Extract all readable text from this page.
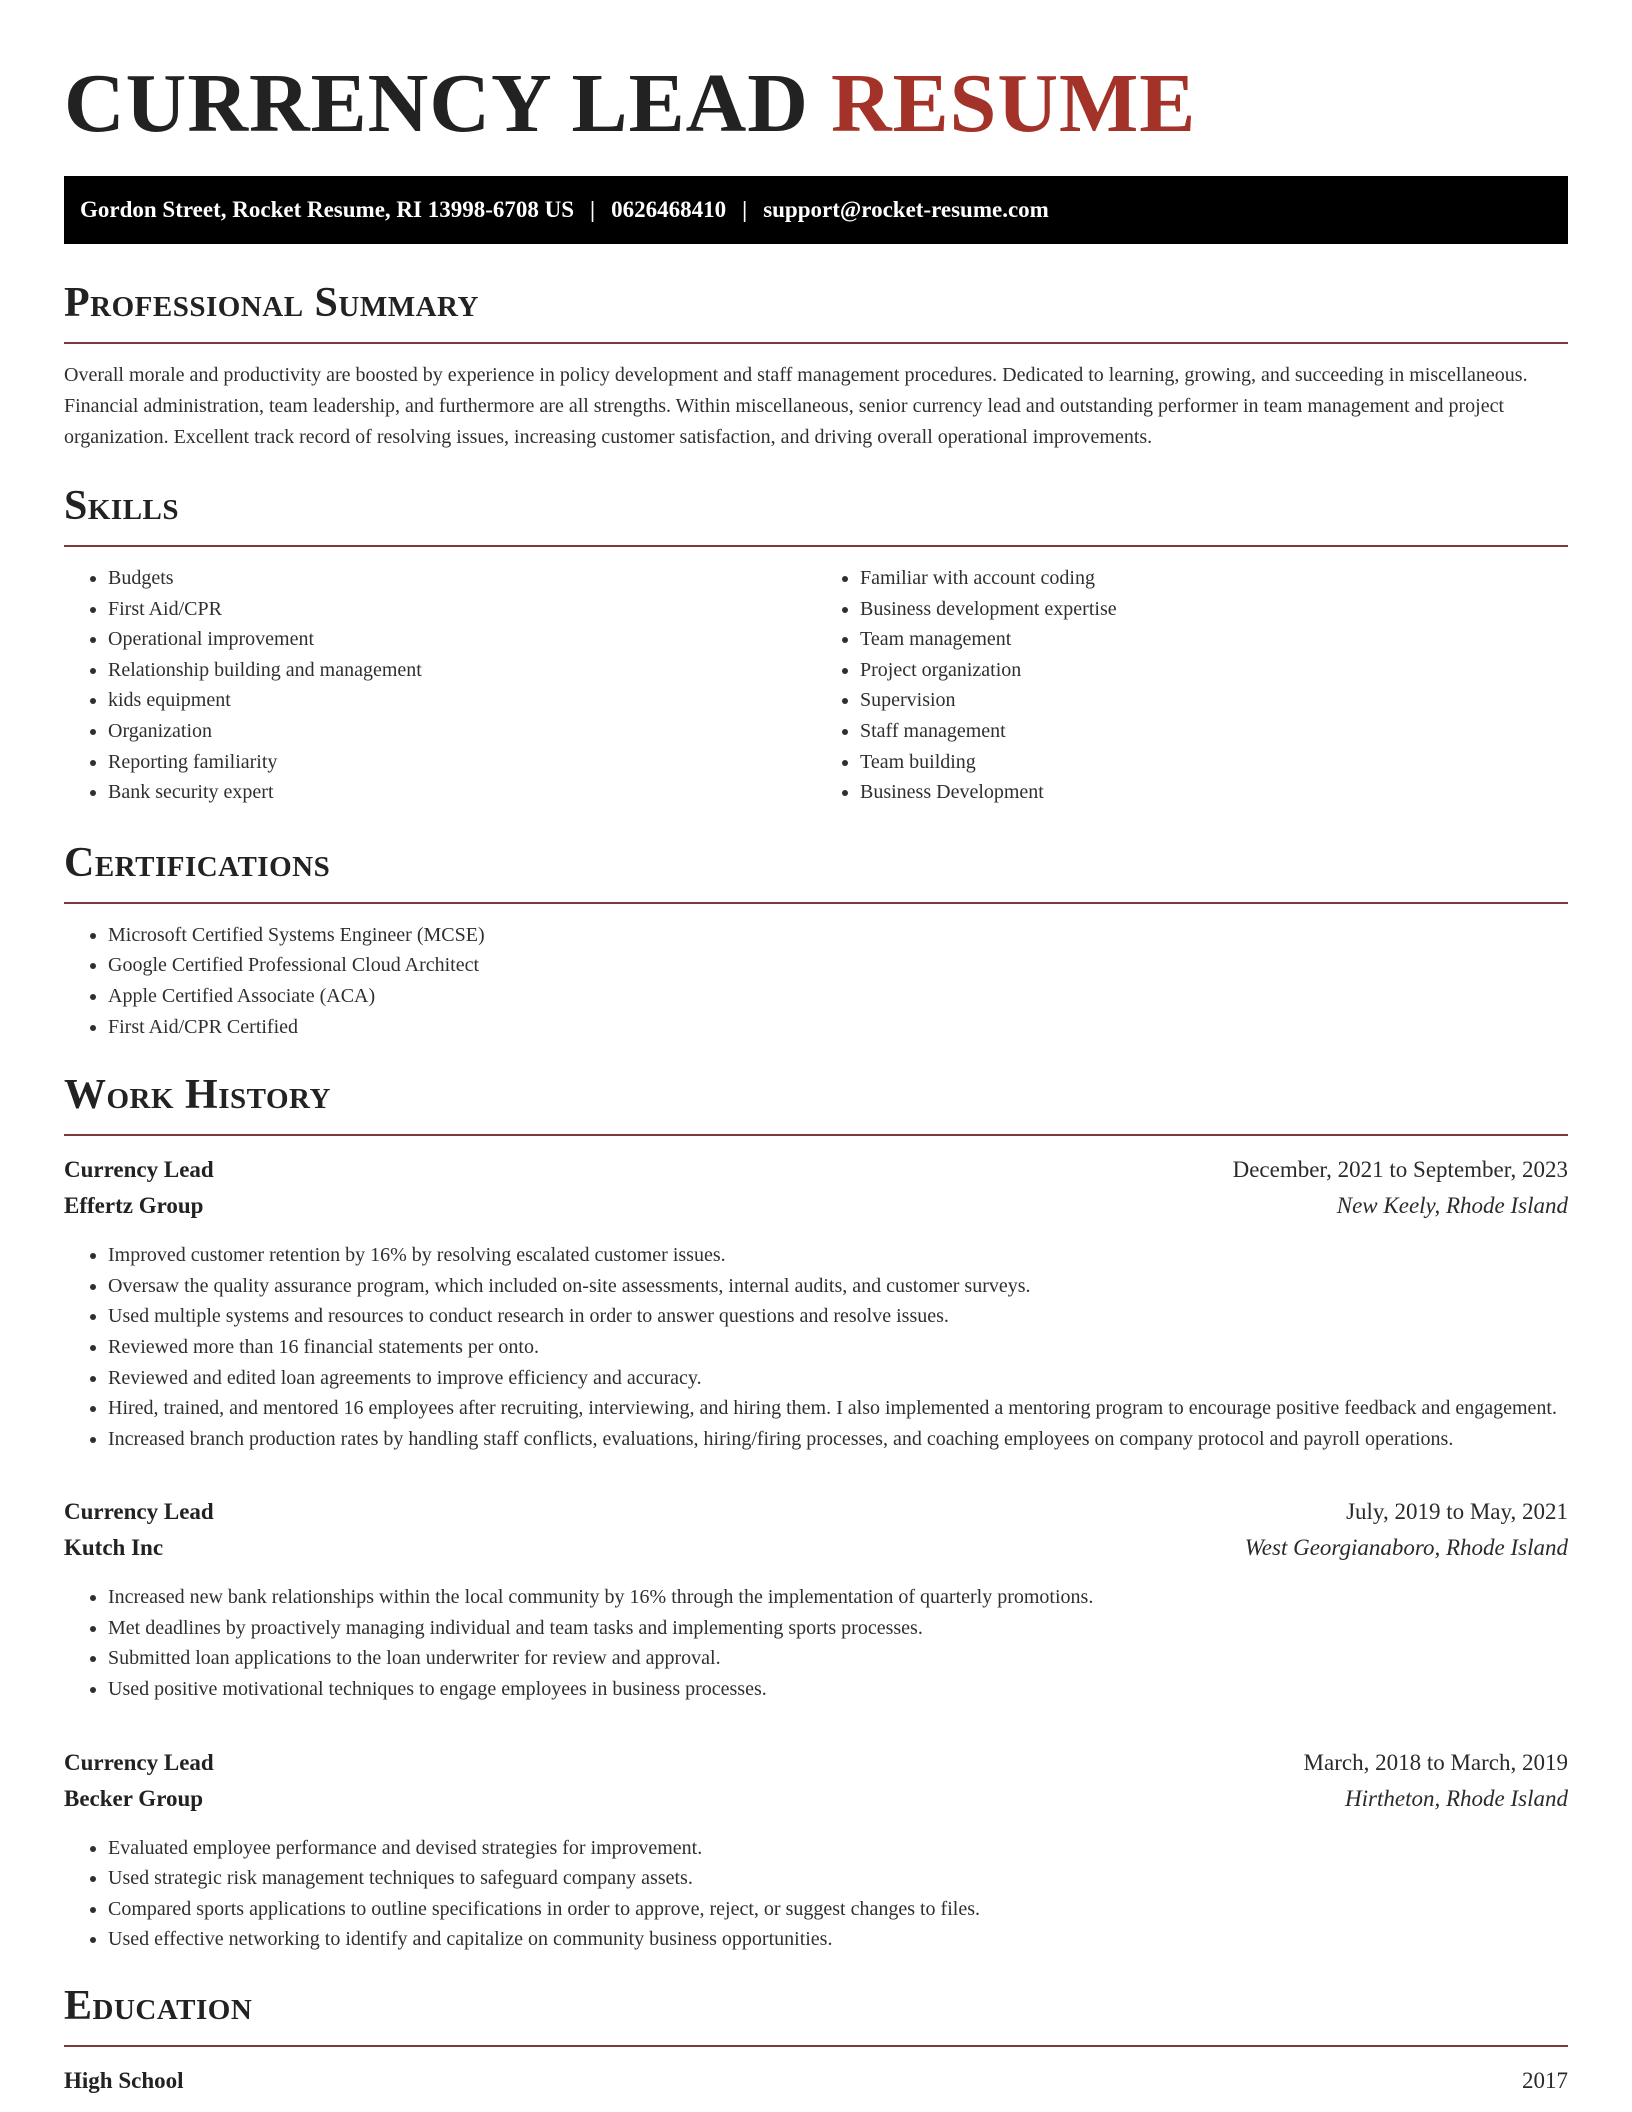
CURRENCY LEAD RESUME
Gordon Street, Rocket Resume, RI 13998-6708 US | 0626468410 | support@rocket-resume.com
Professional Summary

Overall morale and productivity are boosted by experience in policy development and staff management procedures. Dedicated to learning, growing, and succeeding in miscellaneous. Financial administration, team leadership, and furthermore are all strengths. Within miscellaneous, senior currency lead and outstanding performer in team management and project organization. Excellent track record of resolving issues, increasing customer satisfaction, and driving overall operational improvements.

Skills
• Budgets
• First Aid/CPR
• Operational improvement
• Relationship building and management
• kids equipment
• Organization
• Reporting familiarity
• Bank security expert
• Familiar with account coding
• Business development expertise
• Team management
• Project organization
• Supervision
• Staff management
• Team building
• Business Development
Certifications
• Microsoft Certified Systems Engineer (MCSE)
• Google Certified Professional Cloud Architect
• Apple Certified Associate (ACA)
• First Aid/CPR Certified
Work History
Currency Lead	December, 2021 to September, 2023
Effertz Group	New Keely, Rhode Island
• Improved customer retention by 16% by resolving escalated customer issues.
• Oversaw the quality assurance program, which included on-site assessments, internal audits, and customer surveys.
• Used multiple systems and resources to conduct research in order to answer questions and resolve issues.
• Reviewed more than 16 financial statements per onto.
• Reviewed and edited loan agreements to improve efficiency and accuracy.
• Hired, trained, and mentored 16 employees after recruiting, interviewing, and hiring them. I also implemented a mentoring program to encourage positive feedback and engagement.
• Increased branch production rates by handling staff conflicts, evaluations, hiring/firing processes, and coaching employees on company protocol and payroll operations.
Currency Lead	July, 2019 to May, 2021
Kutch Inc	West Georgianaboro, Rhode Island
• Increased new bank relationships within the local community by 16% through the implementation of quarterly promotions.
• Met deadlines by proactively managing individual and team tasks and implementing sports processes.
• Submitted loan applications to the loan underwriter for review and approval.
• Used positive motivational techniques to engage employees in business processes.
Currency Lead	March, 2018 to March, 2019
Becker Group	Hirtheton, Rhode Island
• Evaluated employee performance and devised strategies for improvement.
• Used strategic risk management techniques to safeguard company assets.
• Compared sports applications to outline specifications in order to approve, reject, or suggest changes to files.
• Used effective networking to identify and capitalize on community business opportunities.
Education
High School	2017
